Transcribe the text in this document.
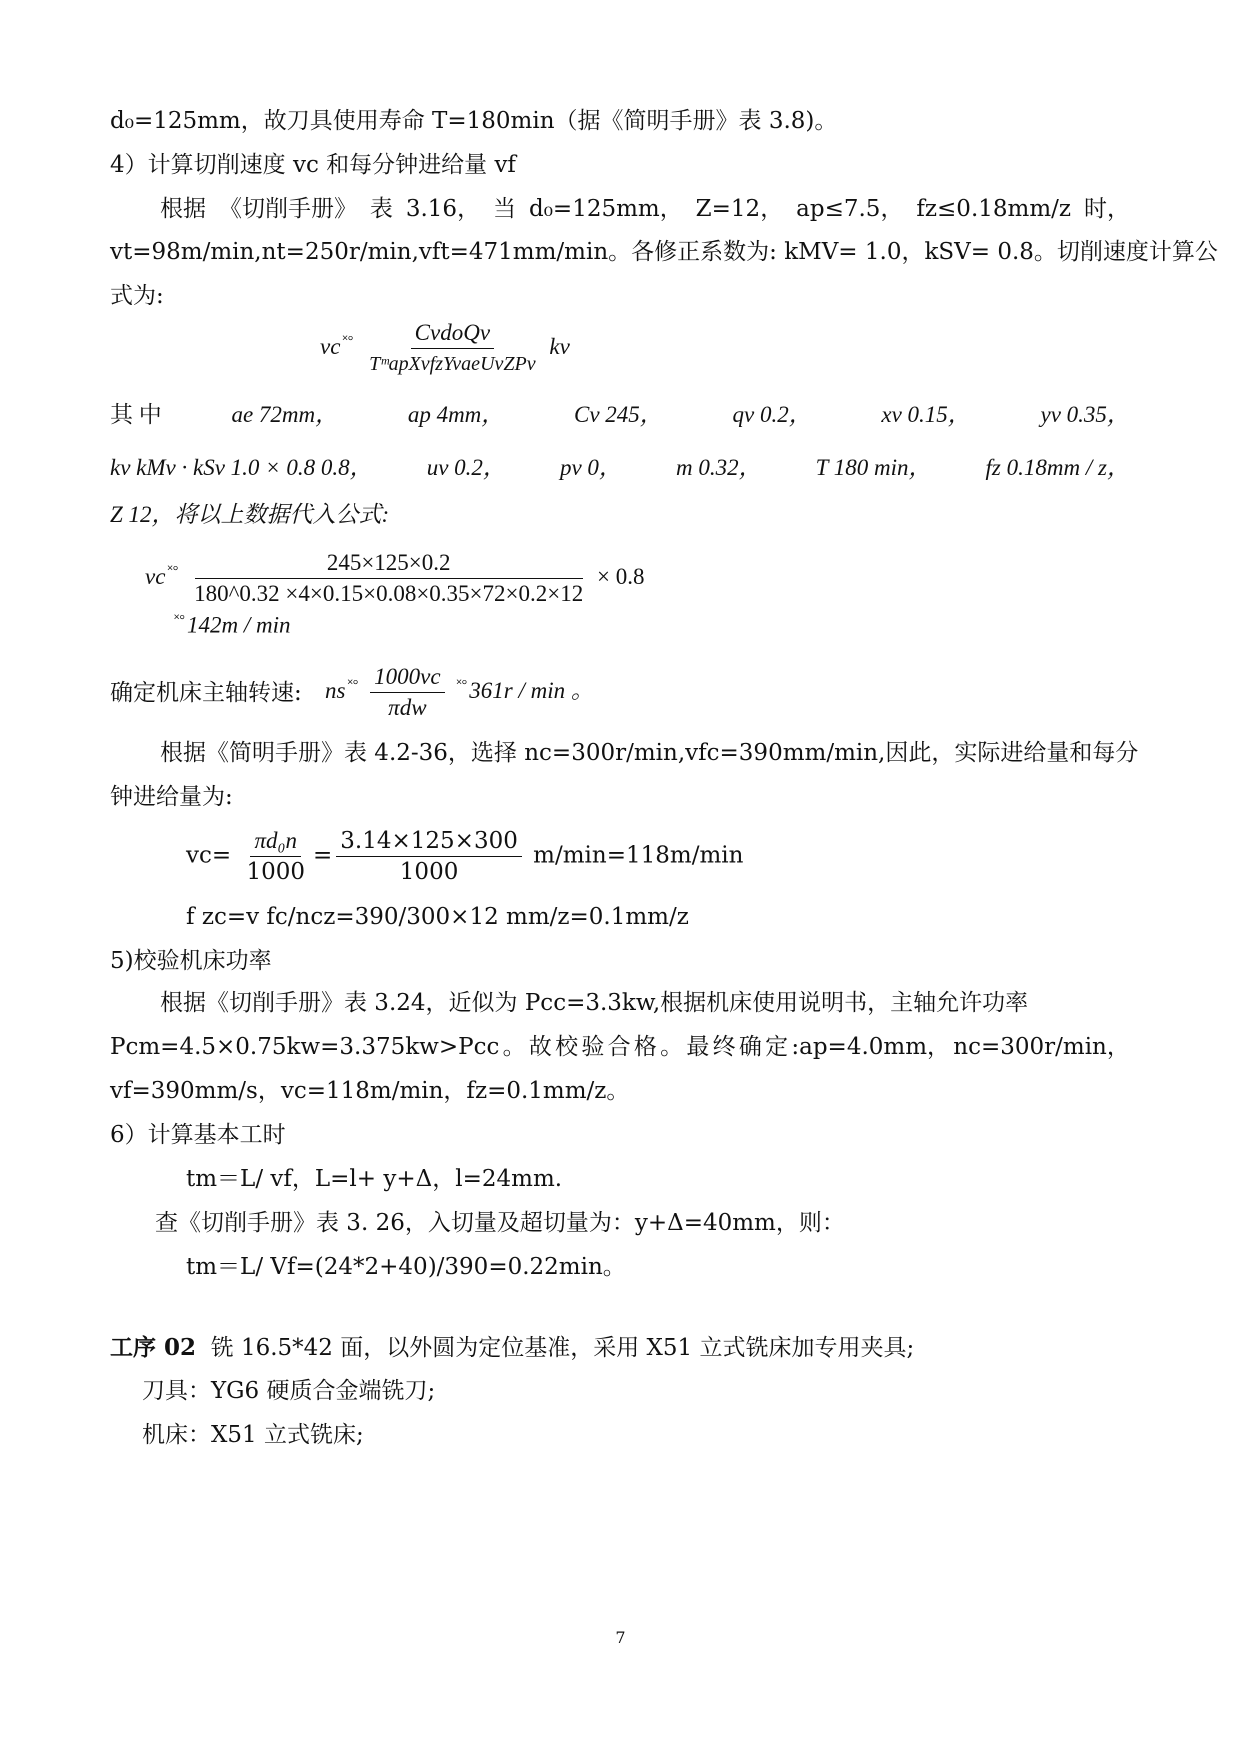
d₀=125mm，故刀具使用寿命 T=180min（据《简明手册》表 3.8)。
4）计算切削速度 vc 和每分钟进给量 vf
根据 《切削手册》 表 3.16， 当 d₀=125mm， Z=12， ap≤7.5， fz≤0.18mm/z 时，
vt=98m/min,nt=250r/min,vft=471mm/min。各修正系数为: kMV= 1.0，kSV= 0.8。切削速度计算公
式为:
vc $^{˟^\circ} \frac{\text{CvdoQv}}{\text{TᵐapXvfzYvaeUvZPv}}$ kv
其 中	ae 72mm，	ap 4mm，	Cv 245，	qv 0.2，	xv 0.15，	yv 0.35，
kv kMv · kSv 1.0 × 0.8 0.8， uv 0.2， pv 0， m 0.32， T 180 min， fz 0.18mm / z，
Z 12，将以上数据代入公式:
vc $^{˟^\circ} \frac{245\times 125\times 0.2}{180\^{}0.32 \times 4\times 0.15\times 0.08\times 0.35\times 72\times 0.2\times 12} \times 0.8$
˟°142m / min
确定机床主轴转速: ns $^{˟^\circ} \frac{1000vc}{\text{πdw}} ^{˟^\circ}361r$ / min 。
根据《简明手册》表 4.2-36，选择 nc=300r/min,vfc=390mm/min,因此，实际进给量和每分
钟进给量为:
$vc= \frac{\text{πd₀n}}{1000} = \frac{3.14\times 125\times 300}{1000} m/\min=118m/\min$
f zc=v fc/ncz=390/300×12 mm/z=0.1mm/z
5)校验机床功率
根据《切削手册》表 3.24，近似为 Pcc=3.3kw,根据机床使用说明书，主轴允许功率
Pcm=4.5×0.75kw=3.375kw>Pcc 。 故 校 验 合 格 。 最 终 确 定 :ap=4.0mm， nc=300r/min，
vf=390mm/s，vc=118m/min，fz=0.1mm/z。
6）计算基本工时
tm＝L/ vf，L=l+ y+Δ，l=24mm.
查《切削手册》表 3. 26，入切量及超切量为：y+Δ=40mm，则：
tm＝L/ Vf=(24*2+40)/390=0.22min。
工序 02 铣 16.5*42 面，以外圆为定位基准，采用 X51 立式铣床加专用夹具;
刀具：YG6 硬质合金端铣刀;
机床：X51 立式铣床;
7
